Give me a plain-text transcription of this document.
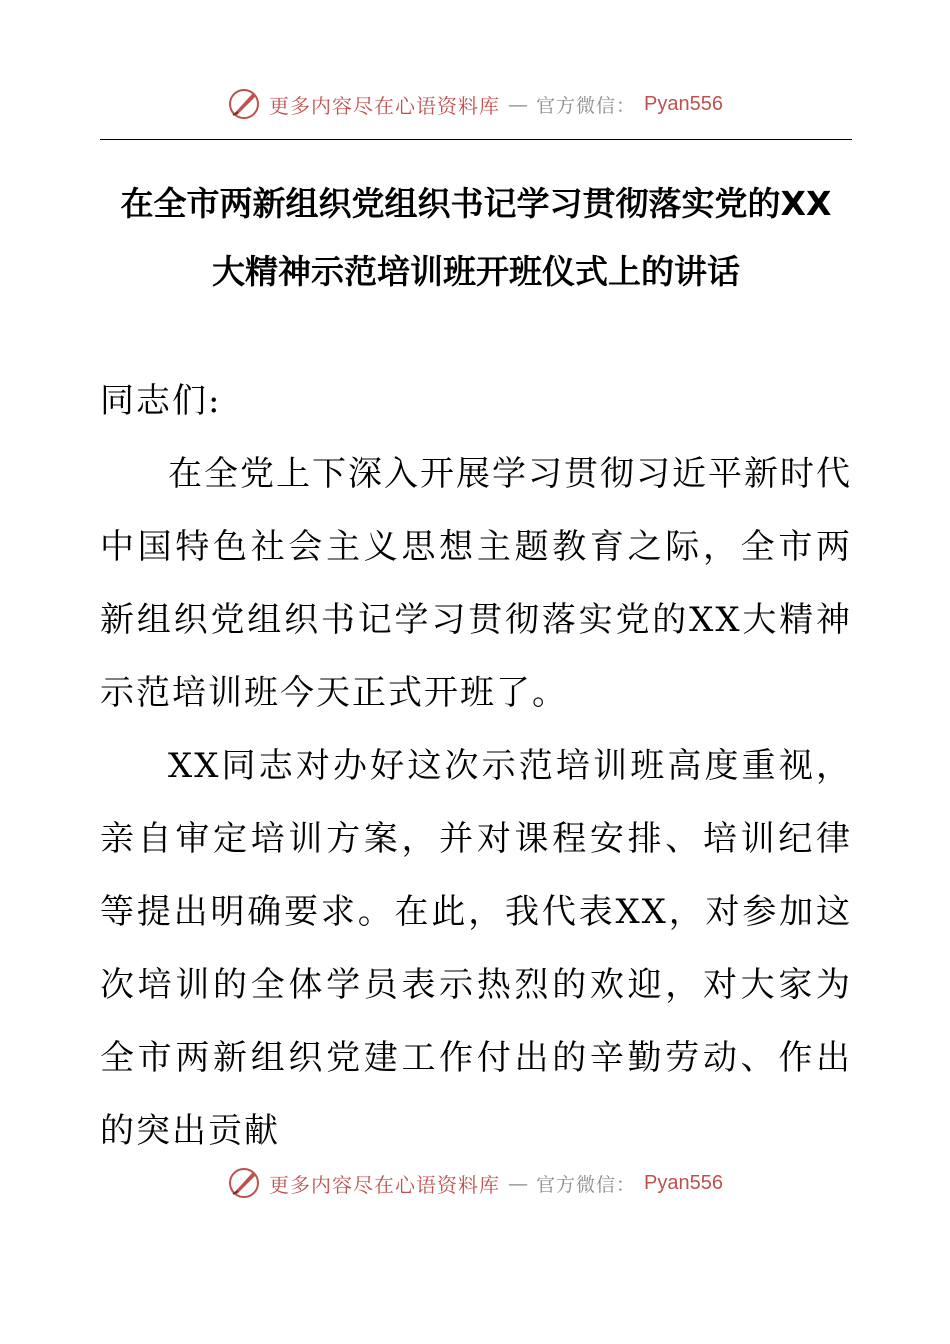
更多内容尽在心语资料库 — 官方微信： Pyan556
在全市两新组织党组织书记学习贯彻落实党的XX
大精神示范培训班开班仪式上的讲话

同志们:

在全党上下深入开展学习贯彻习近平新时代中国特色社会主义思想主题教育之际，全市两新组织党组织书记学习贯彻落实党的XX大精神示范培训班今天正式开班了。

XX同志对办好这次示范培训班高度重视，亲自审定培训方案，并对课程安排、培训纪律等提出明确要求。在此，我代表XX，对参加这次培训的全体学员表示热烈的欢迎，对大家为全市两新组织党建工作付出的辛勤劳动、作出的突出贡献

更多内容尽在心语资料库 — 官方微信： Pyan556
